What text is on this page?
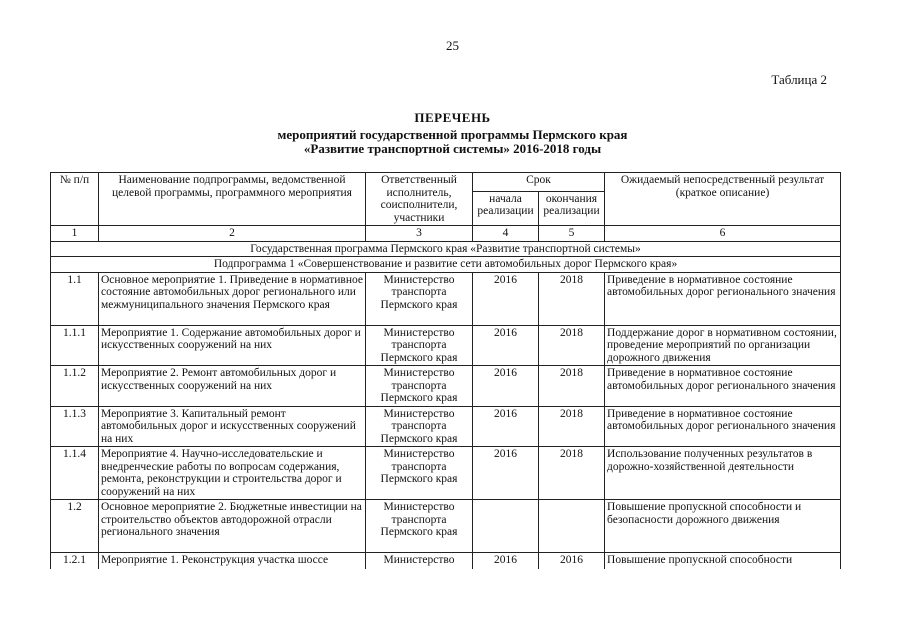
25
Таблица 2
ПЕРЕЧЕНЬ
мероприятий государственной программы Пермского края
«Развитие транспортной системы» 2016-2018 годы
№ п/п	Наименование подпрограммы, ведомственной целевой программы, программного мероприятия	Ответственный исполнитель, соисполнители, участники	Срок		Ожидаемый непосредственный результат (краткое описание)
			начала реализации	окончания реализации	
1	2	3	4	5	6
Государственная программа Пермского края «Развитие транспортной системы»					
Подпрограмма 1 «Совершенствование и развитие сети автомобильных дорог Пермского края»					
1.1	Основное мероприятие 1. Приведение в нормативное состояние автомобильных дорог регионального или межмуниципального значения Пермского края	Министерство транспорта Пермского края	2016	2018	Приведение в нормативное состояние автомобильных дорог регионального значения
1.1.1	Мероприятие 1. Содержание автомобильных дорог и искусственных сооружений на них	Министерство транспорта Пермского края	2016	2018	Поддержание дорог в нормативном состоянии, проведение мероприятий по организации дорожного движения
1.1.2	Мероприятие 2. Ремонт автомобильных дорог и искусственных сооружений на них	Министерство транспорта Пермского края	2016	2018	Приведение в нормативное состояние автомобильных дорог регионального значения
1.1.3	Мероприятие 3. Капитальный ремонт автомобильных дорог и искусственных сооружений на них	Министерство транспорта Пермского края	2016	2018	Приведение в нормативное состояние автомобильных дорог регионального значения
1.1.4	Мероприятие 4. Научно-исследовательские и внедренческие работы по вопросам содержания, ремонта, реконструкции и строительства дорог и сооружений на них	Министерство транспорта Пермского края	2016	2018	Использование полученных результатов в дорожно-хозяйственной деятельности
1.2	Основное мероприятие 2. Бюджетные инвестиции на строительство объектов автодорожной отрасли регионального значения	Министерство транспорта Пермского края			Повышение пропускной способности и безопасности дорожного движения
1.2.1	Мероприятие 1. Реконструкция участка шоссе	Министерство	2016	2016	Повышение пропускной способности
